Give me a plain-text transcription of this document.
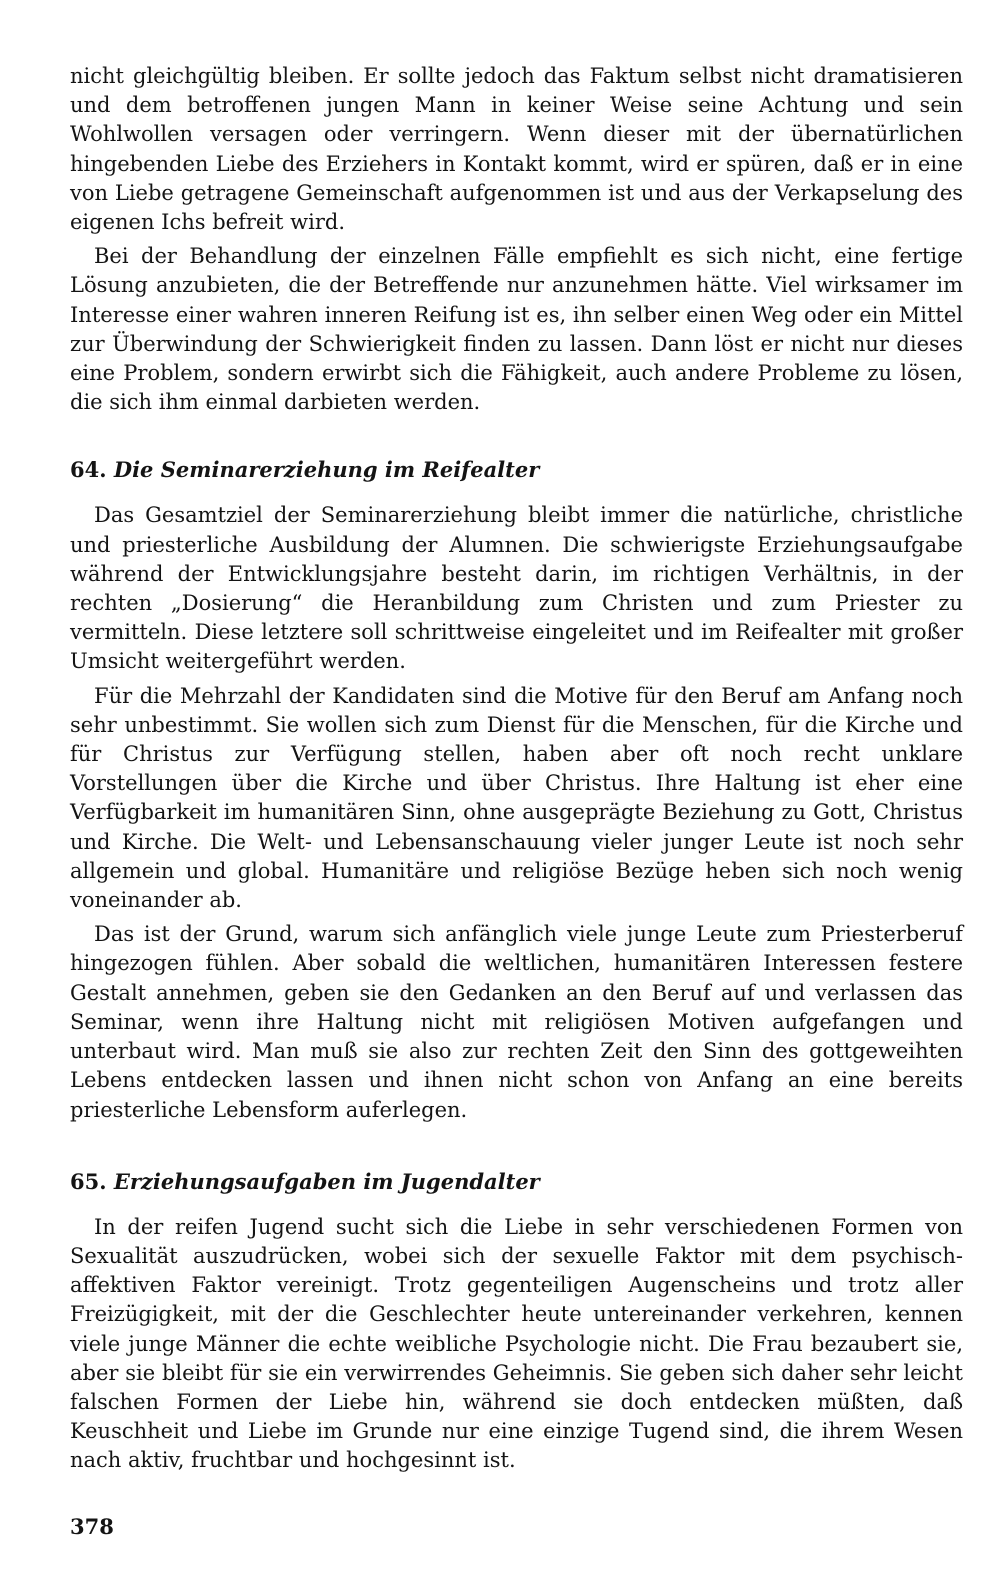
nicht gleichgültig bleiben. Er sollte jedoch das Faktum selbst nicht dramatisieren und dem betroffenen jungen Mann in keiner Weise seine Achtung und sein Wohlwollen versagen oder verringern. Wenn dieser mit der übernatürlichen hingebenden Liebe des Erziehers in Kontakt kommt, wird er spüren, daß er in eine von Liebe getragene Gemeinschaft aufgenommen ist und aus der Verkapselung des eigenen Ichs befreit wird.

Bei der Behandlung der einzelnen Fälle empfiehlt es sich nicht, eine fertige Lösung anzubieten, die der Betreffende nur anzunehmen hätte. Viel wirksamer im Interesse einer wahren inneren Reifung ist es, ihn selber einen Weg oder ein Mittel zur Überwindung der Schwierigkeit finden zu lassen. Dann löst er nicht nur dieses eine Problem, sondern erwirbt sich die Fähigkeit, auch andere Probleme zu lösen, die sich ihm einmal darbieten werden.

64. Die Seminarerziehung im Reifealter

Das Gesamtziel der Seminarerziehung bleibt immer die natürliche, christliche und priesterliche Ausbildung der Alumnen. Die schwierigste Erziehungsaufgabe während der Entwicklungsjahre besteht darin, im richtigen Verhältnis, in der rechten „Dosierung“ die Heranbildung zum Christen und zum Priester zu vermitteln. Diese letztere soll schrittweise eingeleitet und im Reifealter mit großer Umsicht weitergeführt werden.

Für die Mehrzahl der Kandidaten sind die Motive für den Beruf am Anfang noch sehr unbestimmt. Sie wollen sich zum Dienst für die Menschen, für die Kirche und für Christus zur Verfügung stellen, haben aber oft noch recht unklare Vorstellungen über die Kirche und über Christus. Ihre Haltung ist eher eine Verfügbarkeit im humanitären Sinn, ohne ausgeprägte Beziehung zu Gott, Christus und Kirche. Die Welt- und Lebensanschauung vieler junger Leute ist noch sehr allgemein und global. Humanitäre und religiöse Bezüge heben sich noch wenig voneinander ab.

Das ist der Grund, warum sich anfänglich viele junge Leute zum Priesterberuf hingezogen fühlen. Aber sobald die weltlichen, humanitären Interessen festere Gestalt annehmen, geben sie den Gedanken an den Beruf auf und verlassen das Seminar, wenn ihre Haltung nicht mit religiösen Motiven aufgefangen und unterbaut wird. Man muß sie also zur rechten Zeit den Sinn des gottgeweihten Lebens entdecken lassen und ihnen nicht schon von Anfang an eine bereits priesterliche Lebensform auferlegen.

65. Erziehungsaufgaben im Jugendalter

In der reifen Jugend sucht sich die Liebe in sehr verschiedenen Formen von Sexualität auszudrücken, wobei sich der sexuelle Faktor mit dem psychisch-affektiven Faktor vereinigt. Trotz gegenteiligen Augenscheins und trotz aller Freizügigkeit, mit der die Geschlechter heute untereinander verkehren, kennen viele junge Männer die echte weibliche Psychologie nicht. Die Frau bezaubert sie, aber sie bleibt für sie ein verwirrendes Geheimnis. Sie geben sich daher sehr leicht falschen Formen der Liebe hin, während sie doch entdecken müßten, daß Keuschheit und Liebe im Grunde nur eine einzige Tugend sind, die ihrem Wesen nach aktiv, fruchtbar und hochgesinnt ist.

378
